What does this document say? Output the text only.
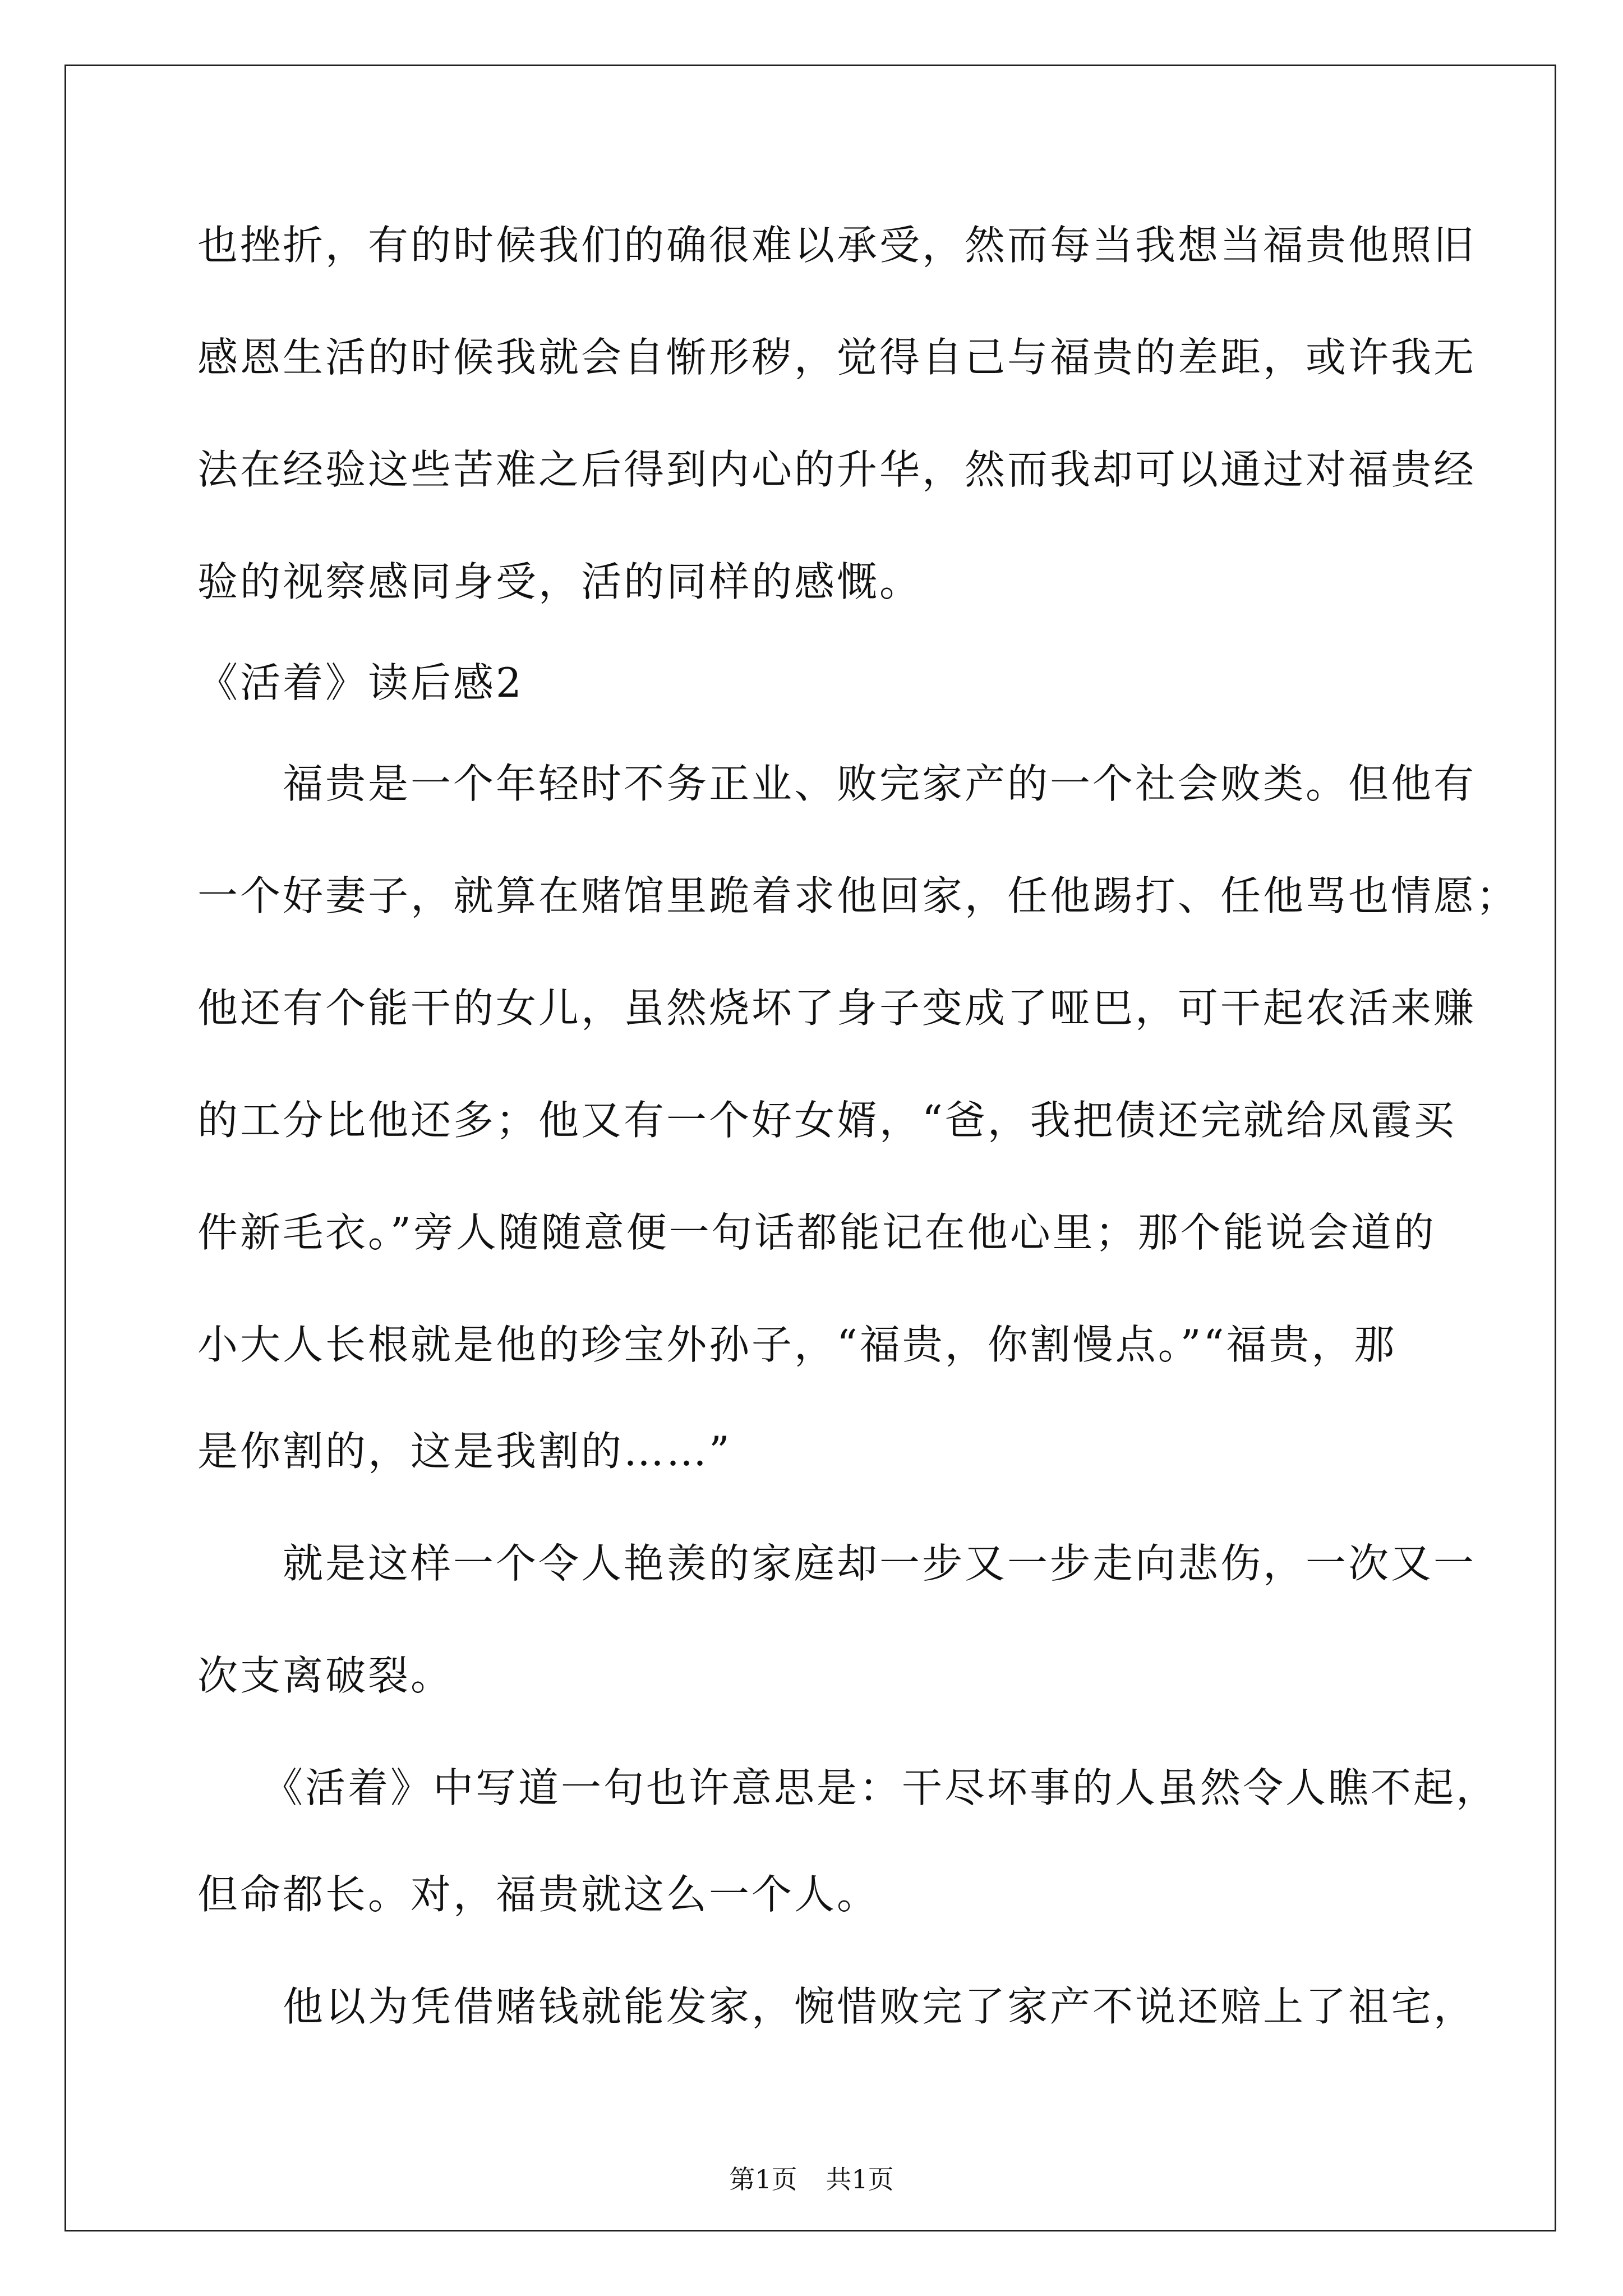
也挫折，有的时候我们的确很难以承受，然而每当我想当福贵他照旧
感恩生活的时候我就会自惭形秽，觉得自己与福贵的差距，或许我无
法在经验这些苦难之后得到内心的升华，然而我却可以通过对福贵经
验的视察感同身受，活的同样的感慨。
《活着》读后感2
　　福贵是一个年轻时不务正业、败完家产的一个社会败类。但他有
一个好妻子，就算在赌馆里跪着求他回家，任他踢打、任他骂也情愿；
他还有个能干的女儿，虽然烧坏了身子变成了哑巴，可干起农活来赚
的工分比他还多；他又有一个好女婿，“爸，我把债还完就给凤霞买
件新毛衣。”旁人随随意便一句话都能记在他心里；那个能说会道的
小大人长根就是他的珍宝外孙子，“福贵，你割慢点。”“福贵，那
是你割的，这是我割的……”
　　就是这样一个令人艳羡的家庭却一步又一步走向悲伤，一次又一
次支离破裂。
　　《活着》中写道一句也许意思是：干尽坏事的人虽然令人瞧不起，
但命都长。对，福贵就这么一个人。
　　他以为凭借赌钱就能发家，惋惜败完了家产不说还赔上了祖宅，
第1页 共1页
